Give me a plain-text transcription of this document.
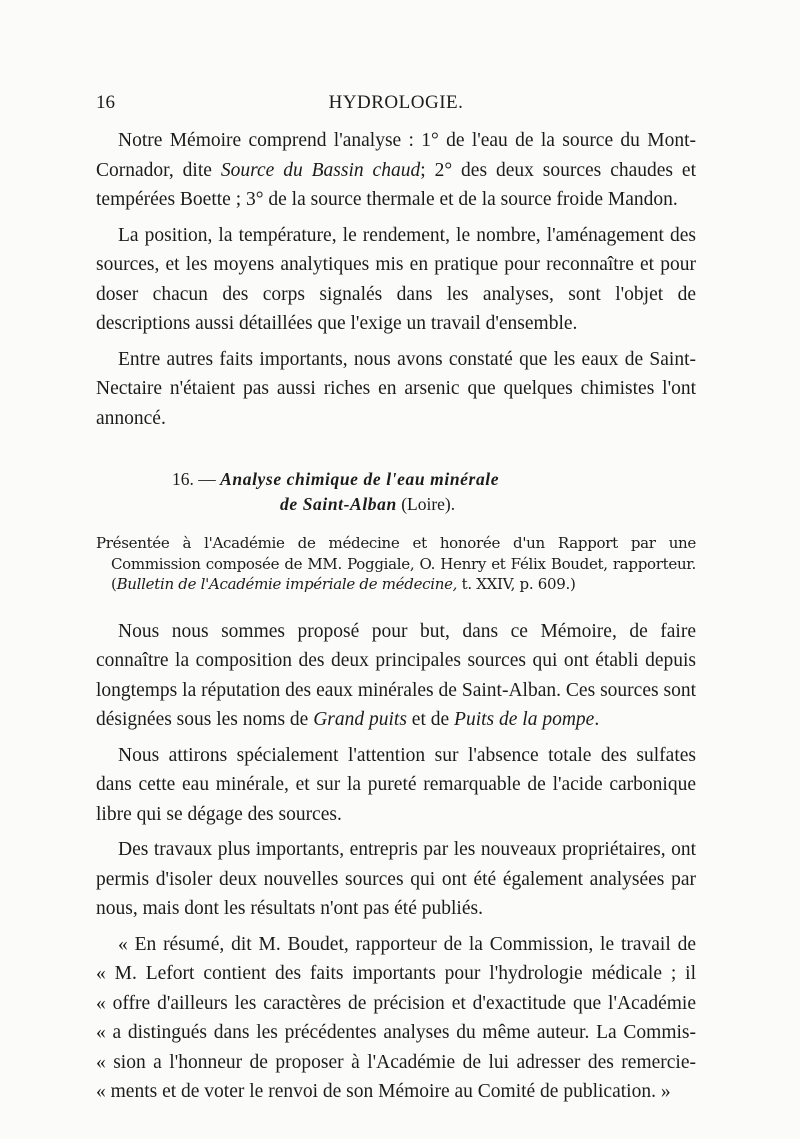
16	HYDROLOGIE.

Notre Mémoire comprend l'analyse : 1° de l'eau de la source du Mont-Cornador, dite Source du Bassin chaud; 2° des deux sources chaudes et tempérées Boette ; 3° de la source thermale et de la source froide Mandon.

La position, la température, le rendement, le nombre, l'aménagement des sources, et les moyens analytiques mis en pratique pour reconnaître et pour doser chacun des corps signalés dans les analyses, sont l'objet de descriptions aussi détaillées que l'exige un travail d'ensemble.

Entre autres faits importants, nous avons constaté que les eaux de Saint-Nectaire n'étaient pas aussi riches en arsenic que quelques chimistes l'ont annoncé.

16. — Analyse chimique de l'eau minérale
de Saint-Alban (Loire).

Présentée à l'Académie de médecine et honorée d'un Rapport par une Commission composée de MM. Poggiale, O. Henry et Félix Boudet, rapporteur. (Bulletin de l'Académie impériale de médecine, t. XXIV, p. 609.)

Nous nous sommes proposé pour but, dans ce Mémoire, de faire connaître la composition des deux principales sources qui ont établi depuis longtemps la réputation des eaux minérales de Saint-Alban. Ces sources sont désignées sous les noms de Grand puits et de Puits de la pompe.

Nous attirons spécialement l'attention sur l'absence totale des sulfates dans cette eau minérale, et sur la pureté remarquable de l'acide carbonique libre qui se dégage des sources.

Des travaux plus importants, entrepris par les nouveaux propriétaires, ont permis d'isoler deux nouvelles sources qui ont été également analysées par nous, mais dont les résultats n'ont pas été publiés.

« En résumé, dit M. Boudet, rapporteur de la Commission, le travail de
« M. Lefort contient des faits importants pour l'hydrologie médicale ; il
« offre d'ailleurs les caractères de précision et d'exactitude que l'Académie
« a distingués dans les précédentes analyses du même auteur. La Commis-
« sion a l'honneur de proposer à l'Académie de lui adresser des remercie-
« ments et de voter le renvoi de son Mémoire au Comité de publication. »
